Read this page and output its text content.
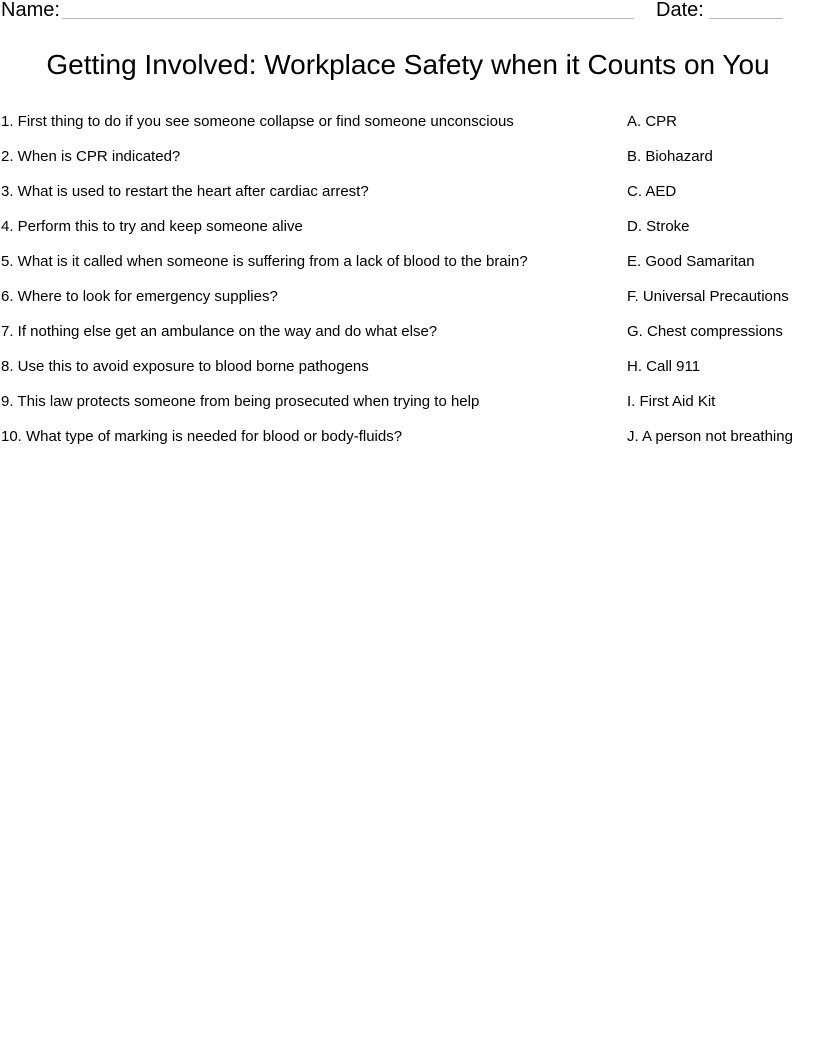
Name:	Date:
Getting Involved: Workplace Safety when it Counts on You
1. First thing to do if you see someone collapse or find someone unconscious
2. When is CPR indicated?
3. What is used to restart the heart after cardiac arrest?
4. Perform this to try and keep someone alive
5. What is it called when someone is suffering from a lack of blood to the brain?
6. Where to look for emergency supplies?
7. If nothing else get an ambulance on the way and do what else?
8. Use this to avoid exposure to blood borne pathogens
9. This law protects someone from being prosecuted when trying to help
10. What type of marking is needed for blood or body-fluids?
A. CPR
B. Biohazard
C. AED
D. Stroke
E. Good Samaritan
F. Universal Precautions
G. Chest compressions
H. Call 911
I. First Aid Kit
J. A person not breathing
